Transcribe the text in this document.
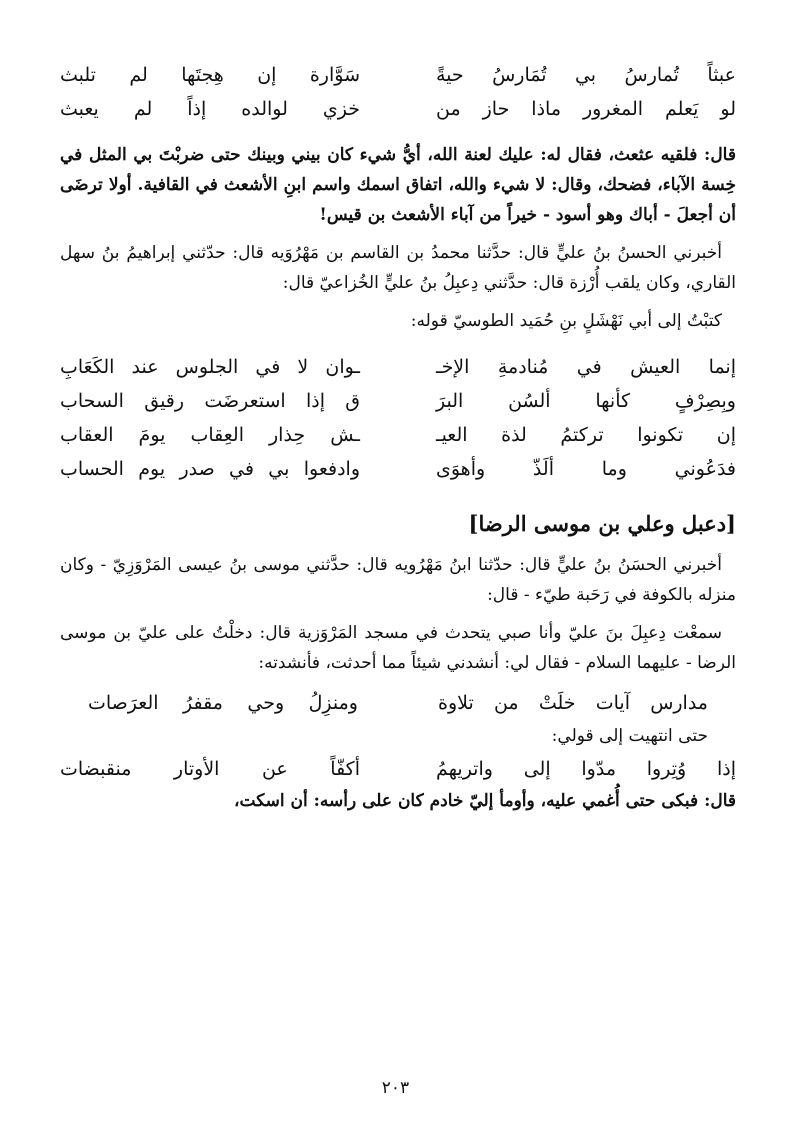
عبثاً تُمارسُ بي تُمَارسُ حيةً
سَوَّارة إن هِجتَها لم تلبث
لو يَعلم المغرور ماذا حاز من
خزي لوالده إذاً لم يعبث

قال: فلقيه عثعث، فقال له: عليك لعنة الله، أيُّ شيء كان بيني وبينك حتى ضربْتَ بي المثل في خِسة الآباء، فضحك، وقال: لا شيء والله، اتفاق اسمك واسم ابنِ الأشعث في القافية. أولا ترضَى أن أجعلَ - أباك وهو أسود - خيراً من آباء الأشعث بن قيس!

أخبرني الحسنُ بنُ عليٍّ قال: حدَّثنا محمدُ بن القاسم بن مَهْرُوَيه قال: حدّثني إبراهيمُ بنُ سهل القاري، وكان يلقب أُرْزة قال: حدَّثني دِعبِلُ بنُ عليٍّ الخُزاعيّ قال:

كتبْتُ إلى أبي نَهْشَلٍ بنِ حُمَيد الطوسيّ قوله:

إنما العيش في مُنادمةِ الإخـ
ـوان لا في الجلوس عند الكَعَابِ
وبِصِرْفٍ كأنها ألسُن البرَ
ق إذا استعرضَت رقيق السحاب
إن تكونوا تركتمُ لذة العيـ
ـش حِذار العِقاب يومَ العقاب
فدَعُوني وما ألَذّ وأهوَى
وادفعوا بي في صدر يوم الحساب
[دعبل وعلي بن موسى الرضا]

أخبرني الحسَنُ بنُ عليٍّ قال: حدّثنا ابنُ مَهْرُويه قال: حدَّثني موسى بنُ عيسى المَرْوَزِيّ - وكان منزله بالكوفة في رَحَبة طيّء - قال:

سمعْت دِعبِلَ بنَ عليّ وأنا صبي يتحدث في مسجد المَرْوَزية قال: دخلْتُ على عليّ بن موسى الرضا - عليهما السلام - فقال لي: أنشدني شيئاً مما أحدثت، فأنشدته:

مدارس آيات خلَتْ من تلاوة
ومنزِلُ وحي مقفرُ العرَصات
حتى انتهيت إلى قولي:
إذا وُتِروا مدّوا إلى واتريهمُ
أكفّاً عن الأوتار منقبضات

قال: فبكى حتى أُغمي عليه، وأومأ إليّ خادم كان على رأسه: أن اسكت،

٢٠٣
